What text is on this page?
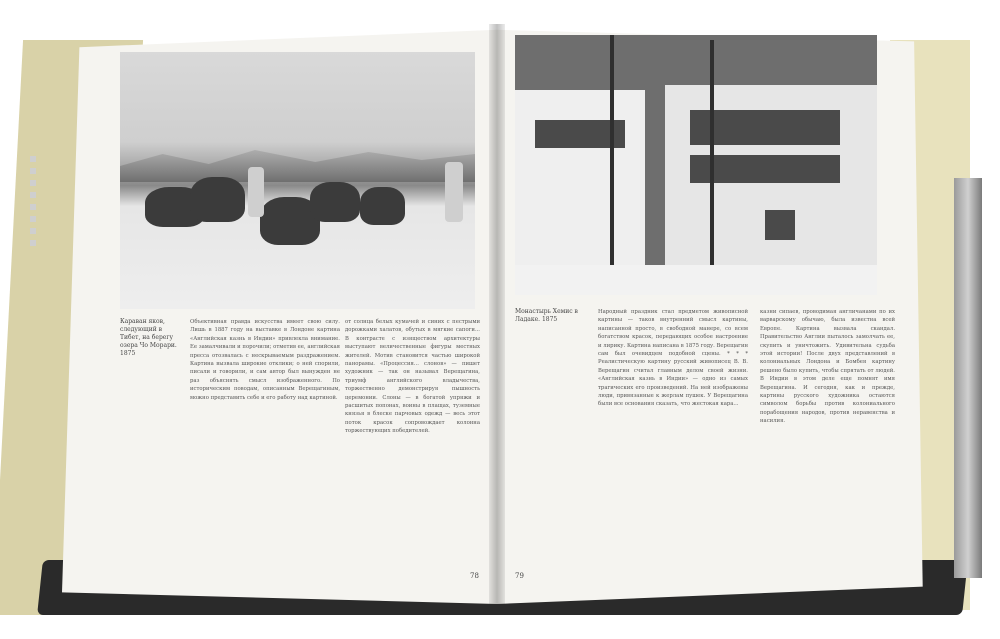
Караван яков, следующий в Тибет, на берегу озера Чо Морари. 1875
Объективная правда искусства имеет свою силу. Лишь в 1887 году на выставке в Лондоне картина «Английская казнь в Индии» привлекла внимание. Ее замалчивали и порочили; отметив ее, английская пресса отозвалась с нескрываемым раздражением. Картина вызвала широкие отклики; о ней спорили, писали и говорили, и сам автор был вынужден не раз объяснять смысл изображенного. По историческим поводам, описанным Верещагиным, можно представить себе и его работу над картиной.
от солнца белых кумачей и синих с пестрыми дорожками халатов, обутых в мягкие сапоги... В контрасте с изяществом архитектуры выступают величественные фигуры местных жителей. Мотив становится частью широкой панорамы. «Процессия... слонов» — пишет художник — так он называл Верещагина, триумф английского владычества, торжественно демонстрируя пышность церемонии. Слоны — в богатой упряжи и расшитых попонах, воины в плащах, туземные князья в блеске парчовых одежд — весь этот поток красок сопровождает колонна торжествующих победителей.
78
Монастырь Хемис в Ладаке. 1875
Народный праздник стал предметом живописной картины — таков внутренний смысл картины, написанной просто, в свободной манере, со всем богатством красок, передающих особое настроение и лирику. Картина написана в 1875 году. Верещагин сам был очевидцем подобной сцены. * * * Реалистическую картину русский живописец В. В. Верещагин считал главным делом своей жизни. «Английская казнь в Индии» — одно из самых трагических его произведений. На ней изображены люди, привязанные к жерлам пушек. У Верещагина были все основания сказать, что жестокая кара...
казни сипаев, проводимая англичанами по их варварскому обычаю, была известна всей Европе. Картина вызвала скандал. Правительство Англии пыталось замолчать ее, скупить и уничтожить. Удивительна судьба этой истории! После двух представлений в колониальных Лондона и Бомбея картину решено было купить, чтобы спрятать от людей. В Индии в этом деле еще помнят имя Верещагина. И сегодня, как и прежде, картины русского художника остаются символом борьбы против колониального порабощения народов, против неравенства и насилия.
79
